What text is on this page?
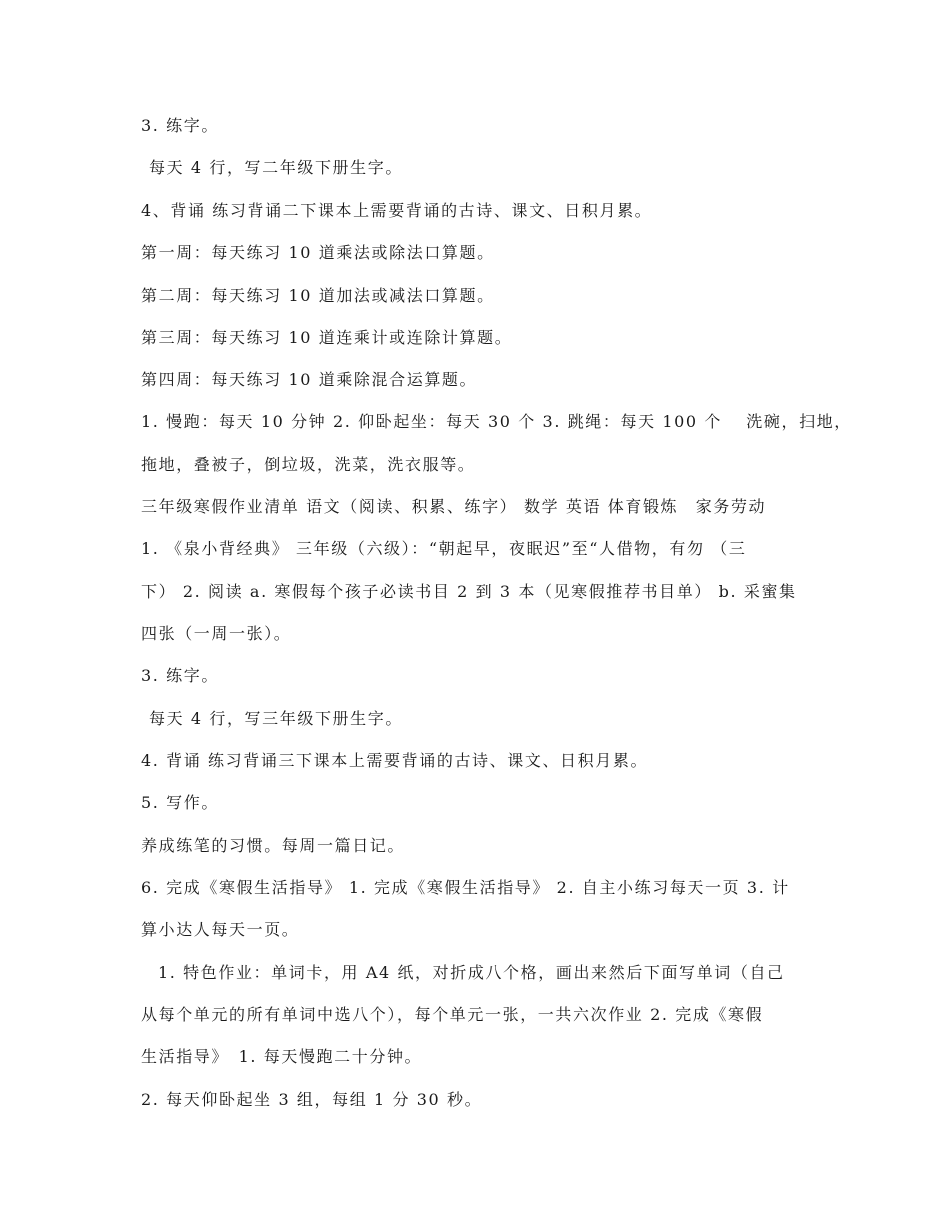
3. 练字。
每天 4 行，写二年级下册生字。
4、背诵 练习背诵二下课本上需要背诵的古诗、课文、日积月累。
第一周：每天练习 10 道乘法或除法口算题。
第二周：每天练习 10 道加法或减法口算题。
第三周：每天练习 10 道连乘计或连除计算题。
第四周：每天练习 10 道乘除混合运算题。
1. 慢跑：每天 10 分钟 2. 仰卧起坐：每天 30 个 3. 跳绳：每天 100 个　 洗碗，扫地，
拖地，叠被子，倒垃圾，洗菜，洗衣服等。
三年级寒假作业清单 语文（阅读、积累、练字） 数学 英语 体育锻炼　家务劳动
1. 《泉小背经典》 三年级（六级）：“朝起早，夜眠迟”至“人借物，有勿 （三
下） 2. 阅读 a. 寒假每个孩子必读书目 2 到 3 本（见寒假推荐书目单） b. 采蜜集
四张（一周一张）。
3. 练字。
每天 4 行，写三年级下册生字。
4. 背诵 练习背诵三下课本上需要背诵的古诗、课文、日积月累。
5. 写作。
养成练笔的习惯。每周一篇日记。
6. 完成《寒假生活指导》 1. 完成《寒假生活指导》 2. 自主小练习每天一页 3. 计
算小达人每天一页。
1. 特色作业：单词卡，用 A4 纸，对折成八个格，画出来然后下面写单词（自己
从每个单元的所有单词中选八个），每个单元一张，一共六次作业 2. 完成《寒假
生活指导》　1. 每天慢跑二十分钟。
2. 每天仰卧起坐 3 组，每组 1 分 30 秒。
